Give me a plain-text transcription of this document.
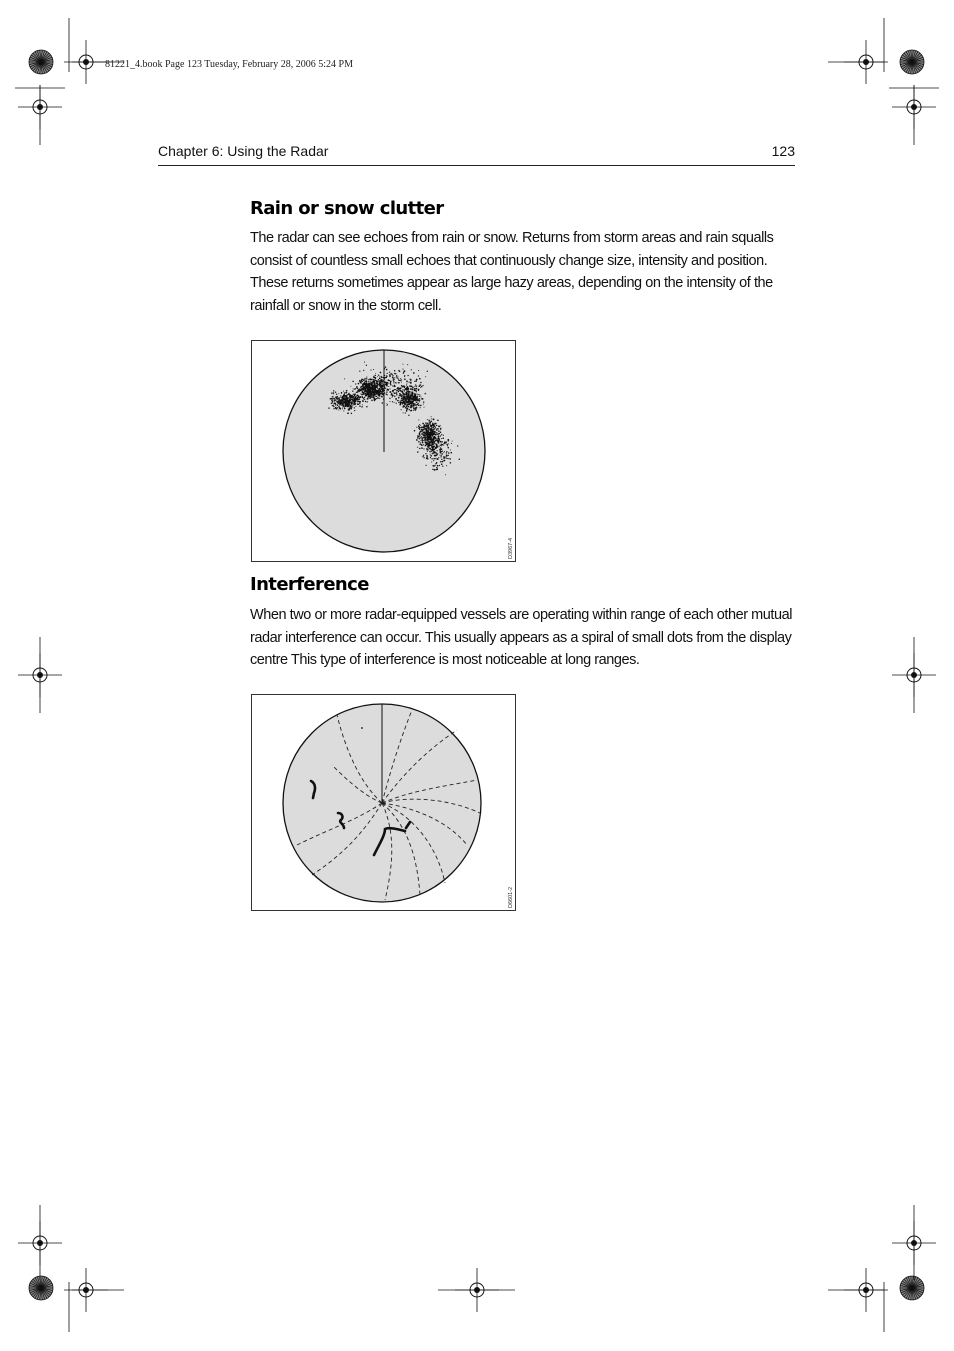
81221_4.book Page 123 Tuesday, February 28, 2006 5:24 PM
Chapter 6: Using the Radar	123
Rain or snow clutter

The radar can see echoes from rain or snow. Returns from storm areas and rain squalls consist of countless small echoes that continuously change size, intensity and position. These returns sometimes appear as large hazy areas, depending on the intensity of the rainfall or snow in the storm cell.

D3967-4
Interference

When two or more radar-equipped vessels are operating within range of each other mutual radar interference can occur. This usually appears as a spiral of small dots from the display centre This type of interference is most noticeable at long ranges.

D6601-2
